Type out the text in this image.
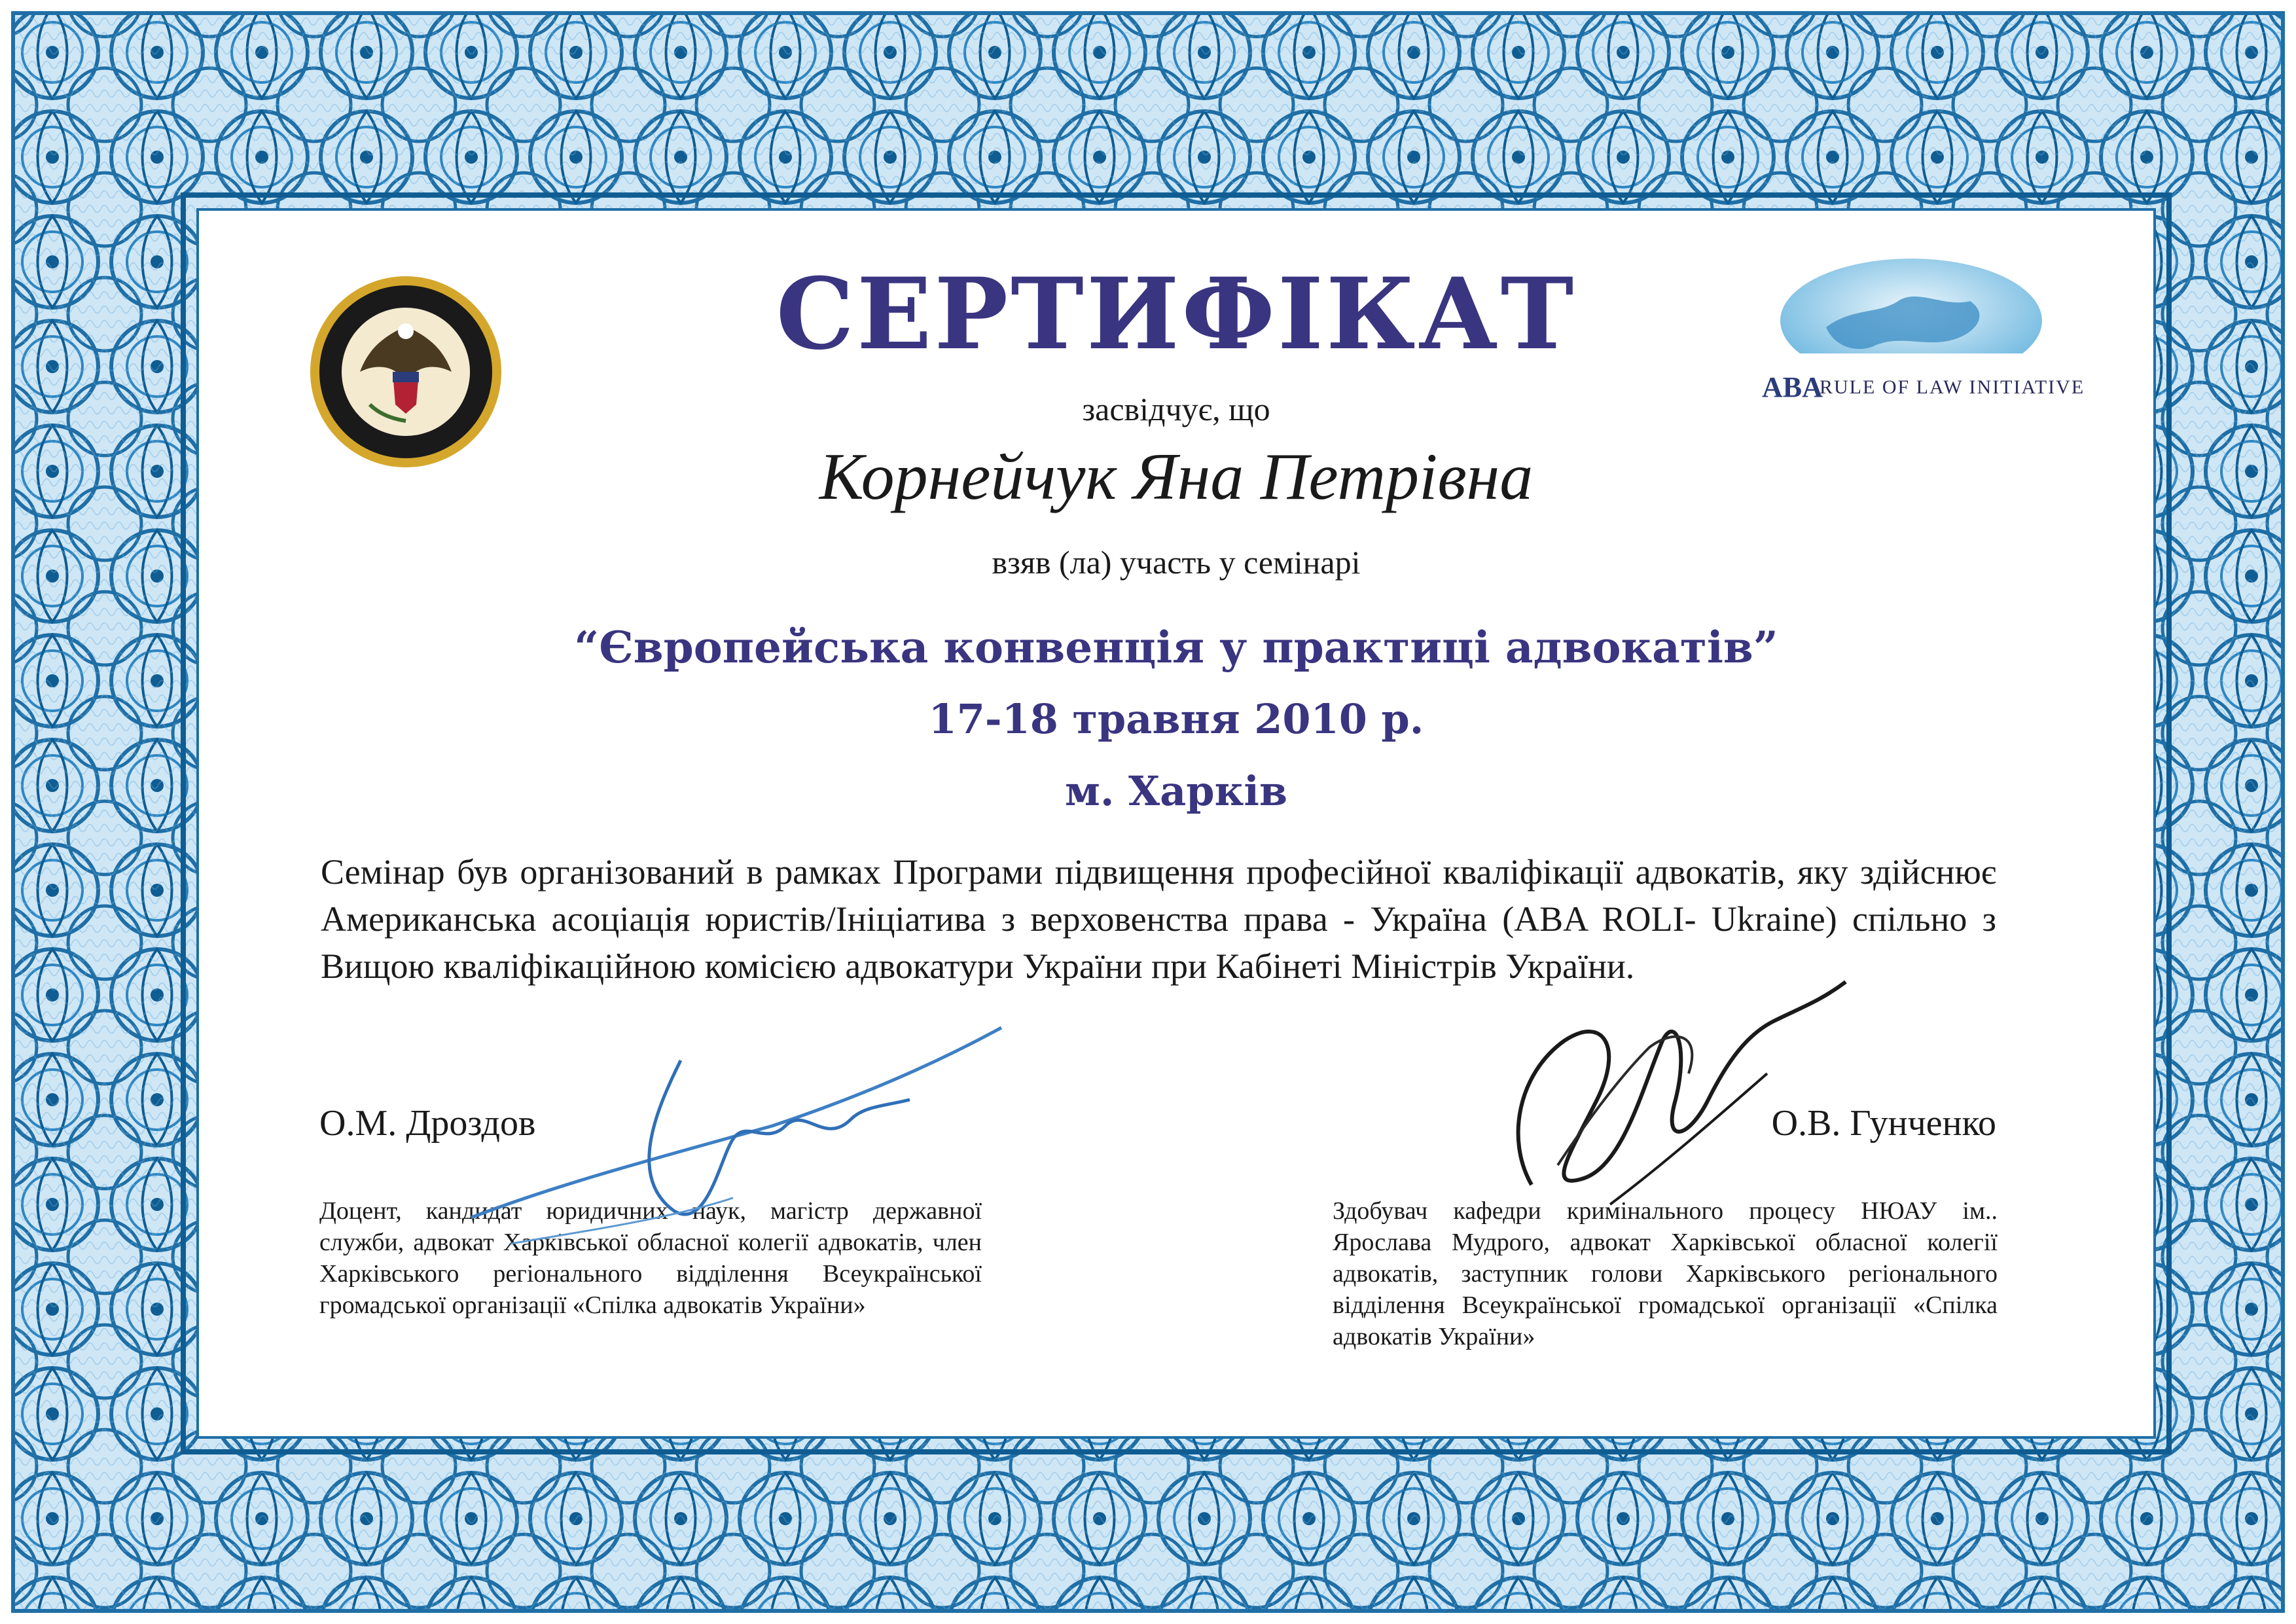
ABA
RULE OF LAW INITIATIVE
СЕРТИФІКАТ
засвідчує, що
Корнейчук Яна Петрівна
взяв (ла) участь у семінарі
“Європейська конвенція у практиці адвокатів”
17-18 травня 2010 р.
м. Харків
Семінар був організований в рамках Програми підвищення професійної кваліфікації адвокатів, яку здійснює Американська асоціація юристів/Ініціатива з верховенства права - Україна (ABA ROLI- Ukraine) спільно з Вищою кваліфікаційною комісією адвокатури України при Кабінеті Міністрів України.
О.М. Дроздов	О.В. Гунченко
Доцент, кандидат юридичних наук, магістр державної служби, адвокат Харківської обласної колегії адвокатів, член Харківського регіонального відділення Всеукраїнської громадської організації «Спілка адвокатів України»
Здобувач кафедри кримінального процесу НЮАУ ім.. Ярослава Мудрого, адвокат Харківської обласної колегії адвокатів, заступник голови Харківського регіонального відділення Всеукраїнської громадської організації «Спілка адвокатів України»
